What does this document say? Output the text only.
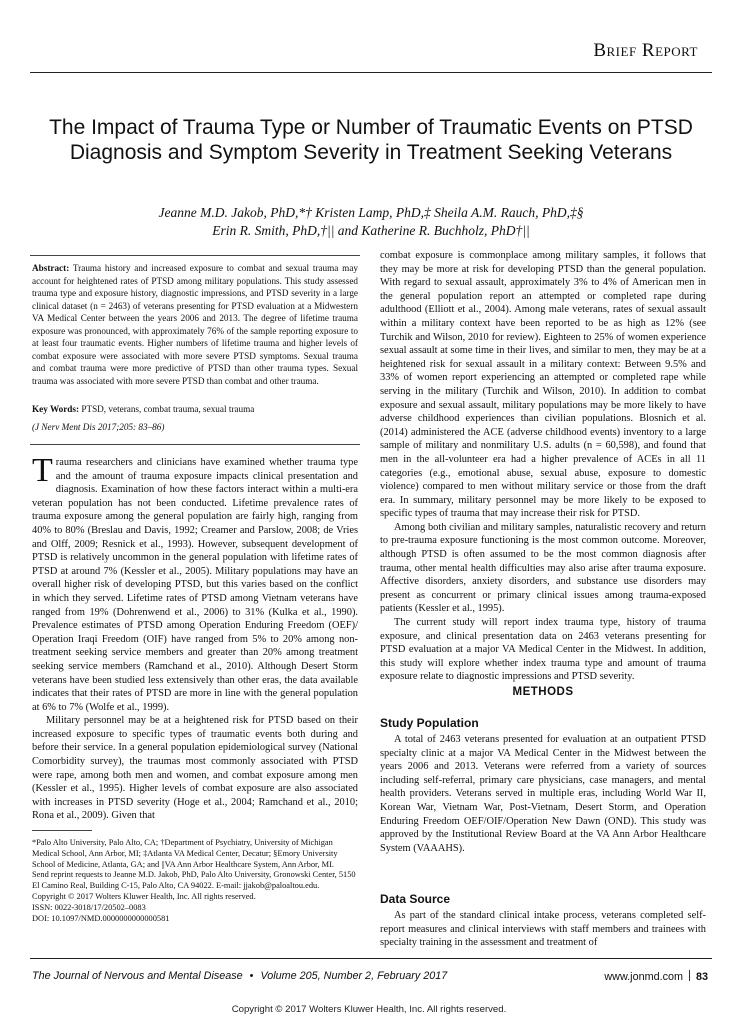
Brief Report
The Impact of Trauma Type or Number of Traumatic Events on PTSD Diagnosis and Symptom Severity in Treatment Seeking Veterans
Jeanne M.D. Jakob, PhD,*† Kristen Lamp, PhD,‡ Sheila A.M. Rauch, PhD,‡§
Erin R. Smith, PhD,†|| and Katherine R. Buchholz, PhD†||
Abstract: Trauma history and increased exposure to combat and sexual trauma may account for heightened rates of PTSD among military populations. This study assessed trauma type and exposure history, diagnostic impressions, and PTSD severity in a large clinical dataset (n = 2463) of veterans presenting for PTSD evaluation at a Midwestern VA Medical Center between the years 2006 and 2013. The degree of lifetime trauma exposure was pronounced, with approximately 76% of the sample reporting exposure to at least four traumatic events. Higher numbers of lifetime trauma and higher levels of combat exposure were associated with more severe PTSD symptoms. Sexual trauma and combat trauma were more predictive of PTSD than other trauma types. Sexual trauma was associated with more severe PTSD than combat and other trauma.
Key Words: PTSD, veterans, combat trauma, sexual trauma
(J Nerv Ment Dis 2017;205: 83–86)

Trauma researchers and clinicians have examined whether trauma type and the amount of trauma exposure impacts clinical presentation and diagnosis. Examination of how these factors interact within a multi-era veteran population has not been conducted. Lifetime prevalence rates of trauma exposure among the general population are fairly high, ranging from 40% to 80% (Breslau and Davis, 1992; Creamer and Parslow, 2008; de Vries and Olff, 2009; Resnick et al., 1993). However, subsequent development of PTSD is relatively uncommon in the general population with lifetime rates of PTSD at around 7% (Kessler et al., 2005). Military populations may have an overall higher risk of developing PTSD, but this varies based on the conflict in which they served. Lifetime rates of PTSD among Vietnam veterans have ranged from 19% (Dohrenwend et al., 2006) to 31% (Kulka et al., 1990). Prevalence estimates of PTSD among Operation Enduring Freedom (OEF)/ Operation Iraqi Freedom (OIF) have ranged from 5% to 20% among non-treatment seeking service members and greater than 20% among treatment seeking service members (Ramchand et al., 2010). Although Desert Storm veterans have been studied less extensively than other eras, the data available indicates that their rates of PTSD are more in line with the general population at 6% to 7% (Wolfe et al., 1999).

Military personnel may be at a heightened risk for PTSD based on their increased exposure to specific types of traumatic events both during and before their service. In a general population epidemiological survey (National Comorbidity survey), the traumas most commonly associated with PTSD were rape, among both men and women, and combat exposure among men (Kessler et al., 1995). Higher levels of combat exposure are also associated with increases in PTSD severity (Hoge et al., 2004; Ramchand et al., 2010; Rona et al., 2009). Given that

*Palo Alto University, Palo Alto, CA; †Department of Psychiatry, University of Michigan Medical School, Ann Arbor, MI; ‡Atlanta VA Medical Center, Decatur; §Emory University School of Medicine, Atlanta, GA; and ||VA Ann Arbor Healthcare System, Ann Arbor, MI.
Send reprint requests to Jeanne M.D. Jakob, PhD, Palo Alto University, Gronowski Center, 5150 El Camino Real, Building C-15, Palo Alto, CA 94022. E-mail: jjakob@paloaltou.edu.
Copyright © 2017 Wolters Kluwer Health, Inc. All rights reserved.
ISSN: 0022-3018/17/20502–0083
DOI: 10.1097/NMD.0000000000000581

combat exposure is commonplace among military samples, it follows that they may be more at risk for developing PTSD than the general population. With regard to sexual assault, approximately 3% to 4% of American men in the general population report an attempted or completed rape during adulthood (Elliott et al., 2004). Among male veterans, rates of sexual assault within a military context have been reported to be as high as 12% (see Turchik and Wilson, 2010 for review). Eighteen to 25% of women experience sexual assault at some time in their lives, and similar to men, they may be at a heightened risk for sexual assault in a military context: Between 9.5% and 33% of women report experiencing an attempted or completed rape while serving in the military (Turchik and Wilson, 2010). In addition to combat exposure and sexual assault, military populations may be more likely to have adverse childhood experiences than civilian populations. Blosnich et al. (2014) administered the ACE (adverse childhood events) inventory to a large sample of military and nonmilitary U.S. adults (n = 60,598), and found that men in the all-volunteer era had a higher prevalence of ACEs in all 11 categories (e.g., emotional abuse, sexual abuse, exposure to domestic violence) compared to men without military service or those from the draft era. In summary, military personnel may be more likely to be exposed to specific types of trauma that may increase their risk for PTSD.

Among both civilian and military samples, naturalistic recovery and return to pre-trauma exposure functioning is the most common outcome. Moreover, although PTSD is often assumed to be the most common diagnosis after trauma, other mental health difficulties may also arise after trauma exposure. Affective disorders, anxiety disorders, and substance use disorders may present as concurrent or primary clinical issues among trauma-exposed patients (Kessler et al., 1995).

The current study will report index trauma type, history of trauma exposure, and clinical presentation data on 2463 veterans presenting for PTSD evaluation at a major VA Medical Center in the Midwest. In addition, this study will explore whether index trauma type and amount of trauma exposure relate to diagnostic impressions and PTSD severity.

METHODS
Study Population

A total of 2463 veterans presented for evaluation at an outpatient PTSD specialty clinic at a major VA Medical Center in the Midwest between the years 2006 and 2013. Veterans were referred from a variety of sources including self-referral, primary care physicians, case managers, and mental health providers. Veterans served in multiple eras, including World War II, Korean War, Vietnam War, Post-Vietnam, Desert Storm, and Operation Enduring Freedom OEF/OIF/Operation New Dawn (OND). This study was approved by the Institutional Review Board at the VA Ann Arbor Healthcare System (VAAAHS).

Data Source

As part of the standard clinical intake process, veterans completed self-report measures and clinical interviews with staff members and trainees with specialty training in the assessment and treatment of

The Journal of Nervous and Mental Disease • Volume 205, Number 2, February 2017	www.jonmd.com 83
Copyright © 2017 Wolters Kluwer Health, Inc. All rights reserved.
